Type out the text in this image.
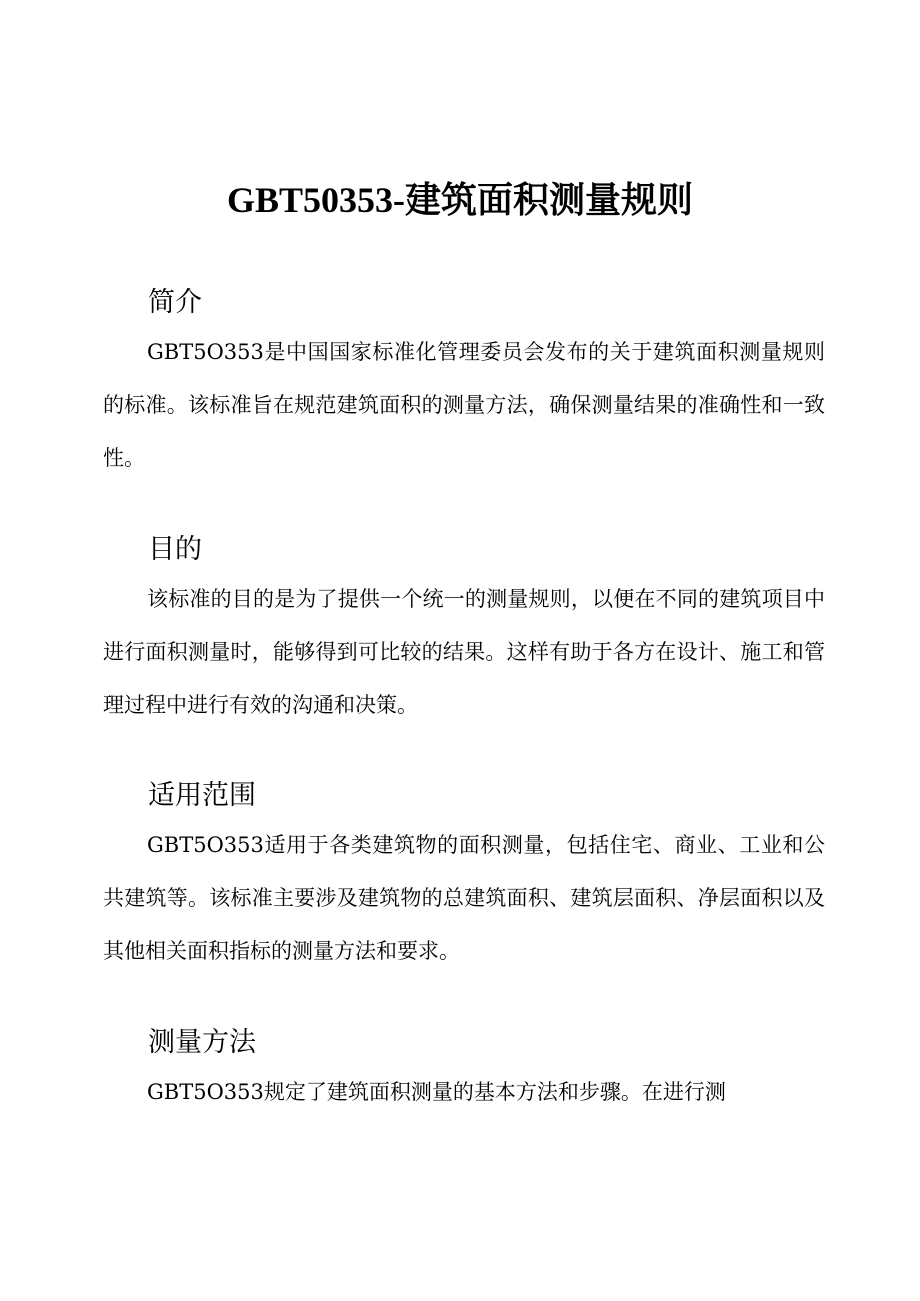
GBT50353-建筑面积测量规则
简介

GBT5O353是中国国家标准化管理委员会发布的关于建筑面积测量规则的标准。该标准旨在规范建筑面积的测量方法，确保测量结果的准确性和一致性。

目的

该标准的目的是为了提供一个统一的测量规则，以便在不同的建筑项目中进行面积测量时，能够得到可比较的结果。这样有助于各方在设计、施工和管理过程中进行有效的沟通和决策。

适用范围

GBT5O353适用于各类建筑物的面积测量，包括住宅、商业、工业和公共建筑等。该标准主要涉及建筑物的总建筑面积、建筑层面积、净层面积以及其他相关面积指标的测量方法和要求。

测量方法

GBT5O353规定了建筑面积测量的基本方法和步骤。在进行测
